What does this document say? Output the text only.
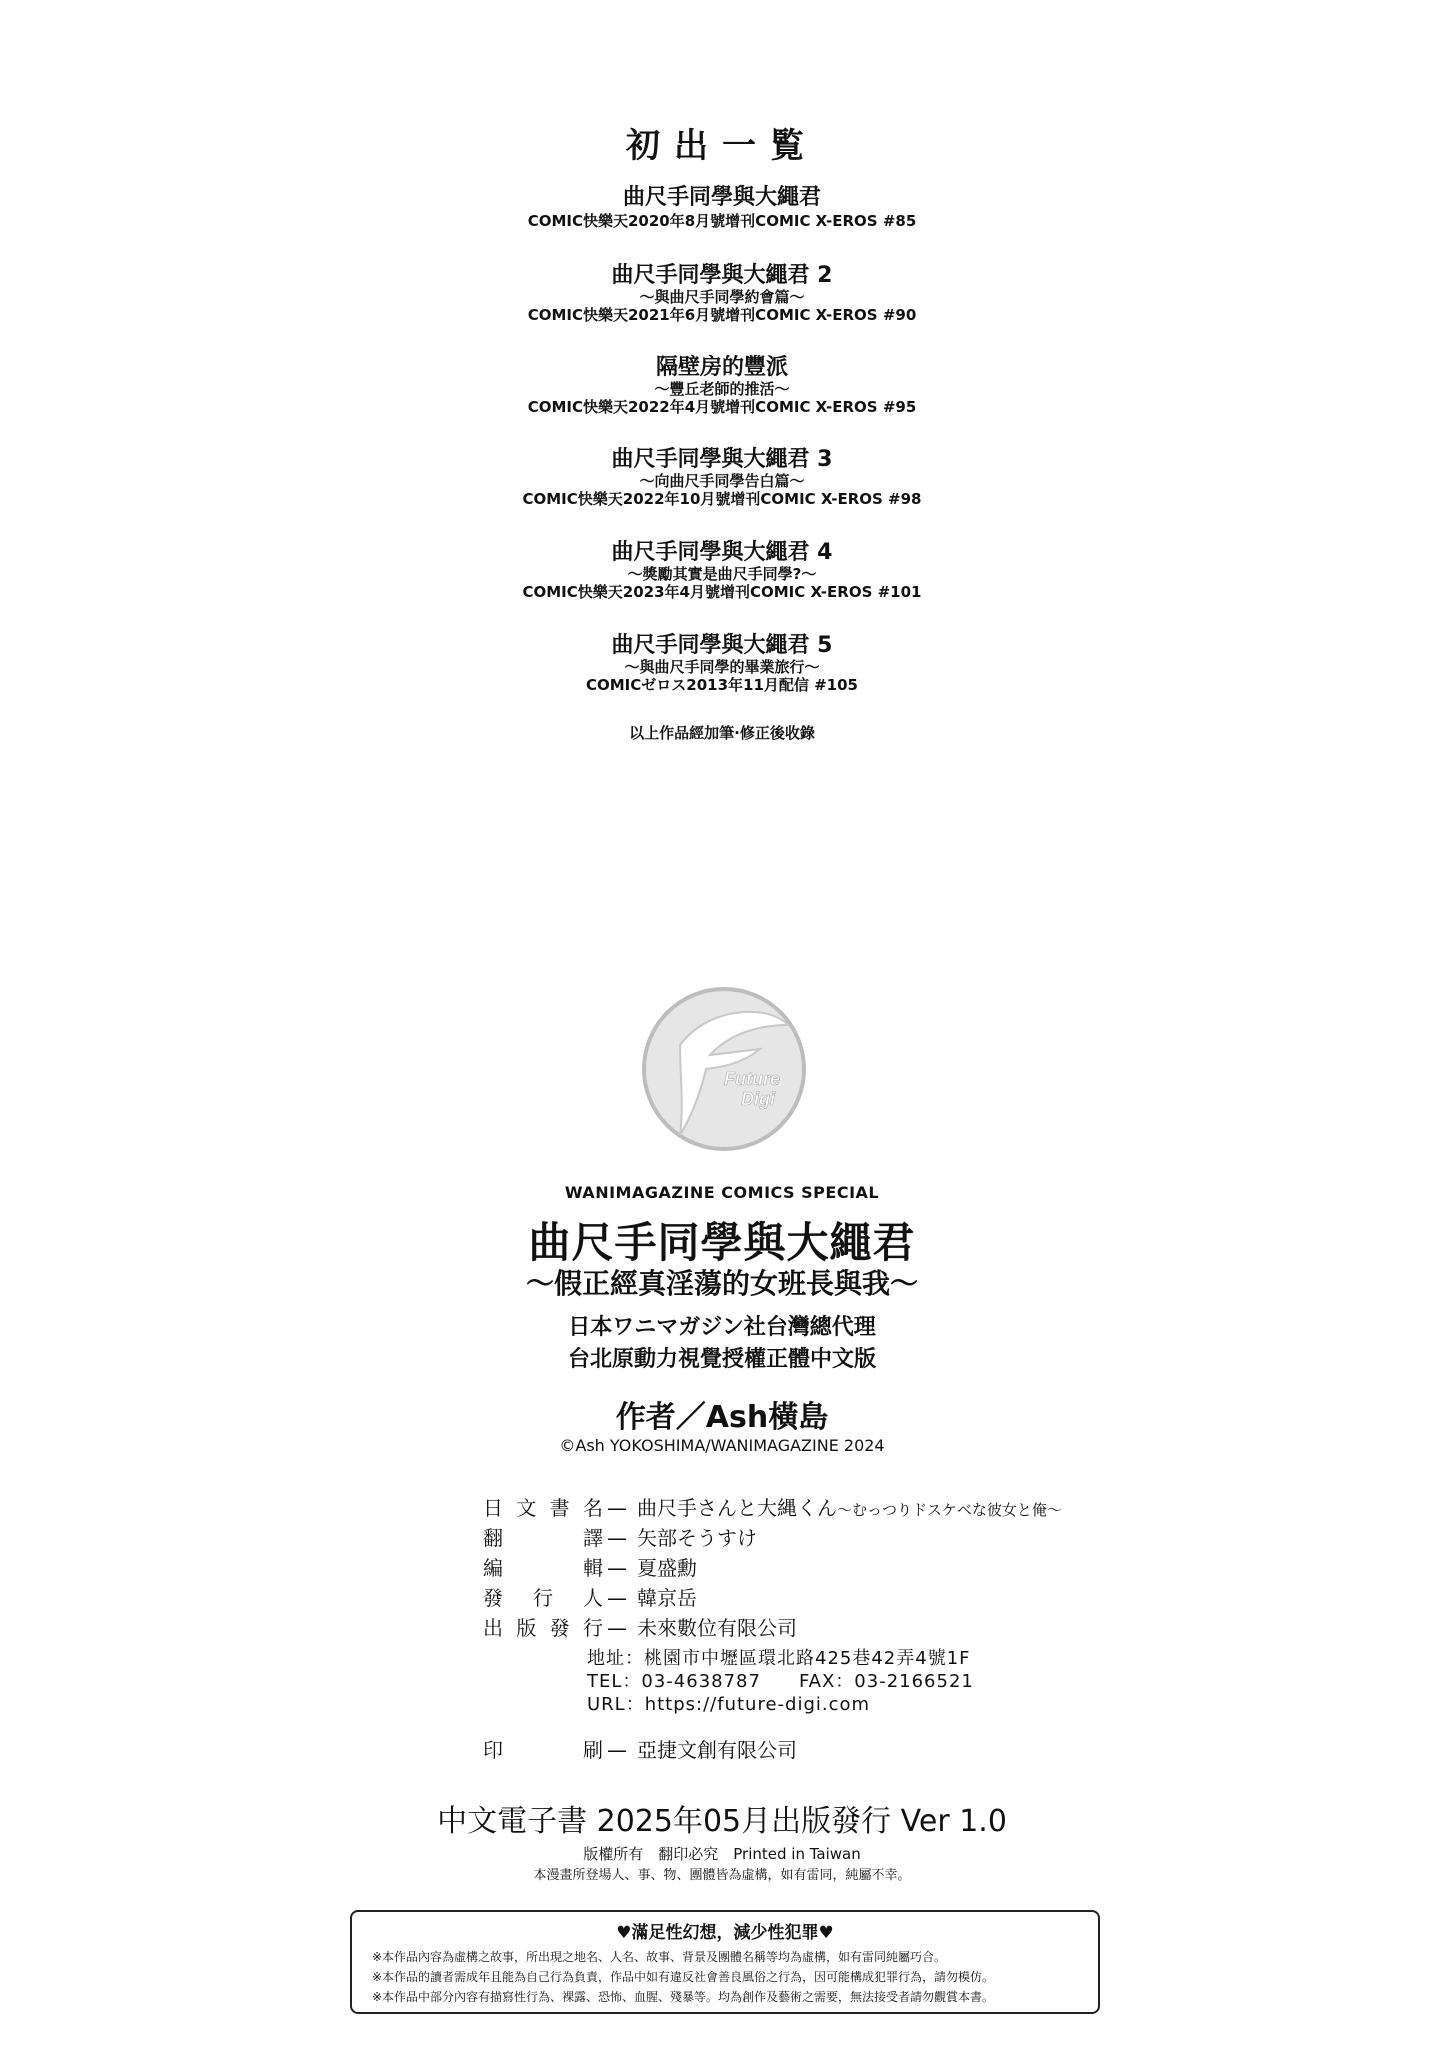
初出一覧
曲尺手同學與大繩君
COMIC快樂天2020年8月號增刊COMIC X-EROS #85
曲尺手同學與大繩君 2
～與曲尺手同學約會篇～
COMIC快樂天2021年6月號增刊COMIC X-EROS #90
隔壁房的豐派
～豐丘老師的推活～
COMIC快樂天2022年4月號增刊COMIC X-EROS #95
曲尺手同學與大繩君 3
～向曲尺手同學告白篇～
COMIC快樂天2022年10月號增刊COMIC X-EROS #98
曲尺手同學與大繩君 4
～獎勵其實是曲尺手同學?～
COMIC快樂天2023年4月號增刊COMIC X-EROS #101
曲尺手同學與大繩君 5
～與曲尺手同學的畢業旅行～
COMICゼロス2013年11月配信 #105
以上作品經加筆·修正後收錄
Future
Digi
WANIMAGAZINE COMICS SPECIAL
曲尺手同學與大繩君
～假正經真淫蕩的女班長與我～
日本ワニマガジン社台灣總代理
台北原動力視覺授權正體中文版
作者／Ash橫島
©Ash YOKOSHIMA/WANIMAGAZINE 2024
日文書名 — 曲尺手さんと大縄くん～むっつりドスケベな彼女と俺～
翻譯 — 矢部そうすけ
編輯 — 夏盛勳
發行人 — 韓京岳
出版發行 — 未來數位有限公司
地址：桃園市中壢區環北路425巷42弄4號1F
TEL：03-4638787　　FAX：03-2166521
URL：https://future-digi.com
印刷 — 亞捷文創有限公司
中文電子書 2025年05月出版發行 Ver 1.0
版權所有　翻印必究　Printed in Taiwan
本漫畫所登場人、事、物、團體皆為虛構，如有雷同，純屬不幸。
♥滿足性幻想，減少性犯罪♥
※本作品內容為虛構之故事，所出現之地名、人名、故事、背景及團體名稱等均為虛構，如有雷同純屬巧合。
※本作品的讀者需成年且能為自己行為負責，作品中如有違反社會善良風俗之行為，因可能構成犯罪行為，請勿模仿。
※本作品中部分內容有描寫性行為、裸露、恐怖、血腥、殘暴等。均為創作及藝術之需要，無法接受者請勿觀賞本書。
